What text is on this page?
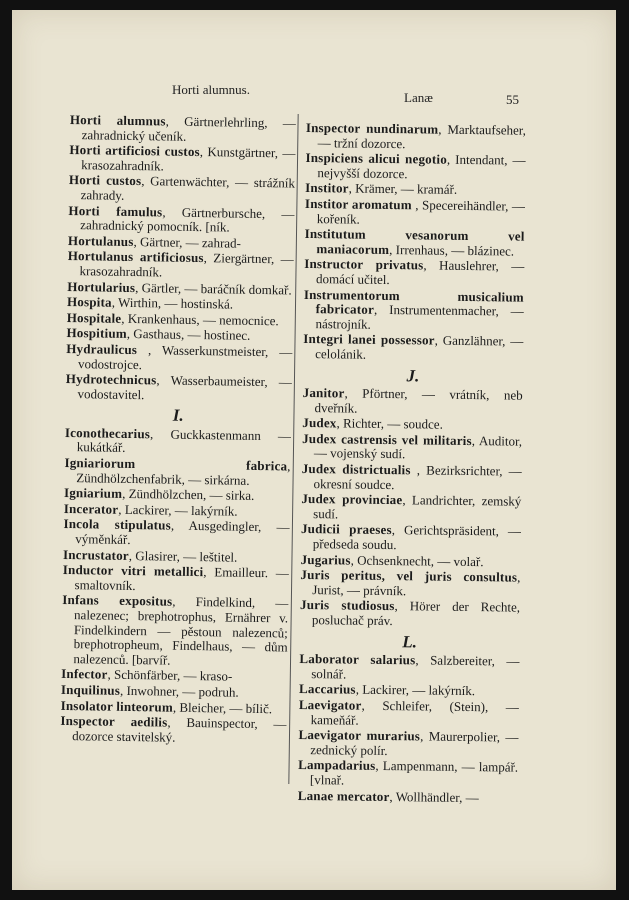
Horti alumnus.
Lanæ	55
Horti alumnus, Gärtnerlehrling, — zahradnický učeník.
Horti artificiosi custos, Kunstgärtner, — krasozahradník.
Horti custos, Gartenwächter, — strážník zahrady.
Horti famulus, Gärtnerbursche, — zahradnický pomocník. [ník.
Hortulanus, Gärtner, — zahrad-
Hortulanus artificiosus, Ziergärtner, — krasozahradník.
Hortularius, Gärtler, — baráčník domkař.
Hospita, Wirthin, — hostinská.
Hospitale, Krankenhaus, — nemocnice.
Hospitium, Gasthaus, — hostinec.
Hydraulicus , Wasserkunstmeister, — vodostrojce.
Hydrotechnicus, Wasserbaumeister, — vodostavitel.
I.
Iconothecarius, Guckkastenmann — kukátkář.
Igniariorum fabrica, Zündhölzchenfabrik, — sirkárna.
Igniarium, Zündhölzchen, — sirka.
Incerator, Lackirer, — lakýrník.
Incola stipulatus, Ausgedingler, — výměnkář.
Incrustator, Glasirer, — leštitel.
Inductor vitri metallici, Emailleur. — smaltovník.
Infans expositus, Findelkind, — nalezenec; brephotrophus, Ernährer v. Findelkindern — pěstoun nalezenců; brephotropheum, Findelhaus, — dům nalezenců. [barvíř.
Infector, Schönfärber, — kraso-
Inquilinus, Inwohner, — podruh.
Insolator linteorum, Bleicher, — bílič.
Inspector aedilis, Bauinspector, — dozorce stavitelský.
Inspector nundinarum, Marktaufseher, — tržní dozorce.
Inspiciens alicui negotio, Intendant, — nejvyšší dozorce.
Institor, Krämer, — kramář.
Institor aromatum , Specereihändler, — kořeník.
Institutum vesanorum vel maniacorum, Irrenhaus, — blázinec.
Instructor privatus, Hauslehrer, — domácí učitel.
Instrumentorum musicalium fabricator, Instrumentenmacher, — nástrojník.
Integri lanei possessor, Ganzlähner, — celolánik.
J.
Janitor, Pförtner, — vrátník, neb dveřník.
Judex, Richter, — soudce.
Judex castrensis vel militaris, Auditor, — vojenský sudí.
Judex districtualis , Bezirksrichter, — okresní soudce.
Judex provinciae, Landrichter, zemský sudí.
Judicii praeses, Gerichtspräsident, — předseda soudu.
Jugarius, Ochsenknecht, — volař.
Juris peritus, vel juris consultus, Jurist, — právník.
Juris studiosus, Hörer der Rechte, posluchač práv.
L.
Laborator salarius, Salzbereiter, — solnář.
Laccarius, Lackirer, — lakýrník.
Laevigator, Schleifer, (Stein), — kameňář.
Laevigator murarius, Maurerpolier, — zednický polír.
Lampadarius, Lampenmann, — lampář. [vlnař.
Lanae mercator, Wollhändler, —
